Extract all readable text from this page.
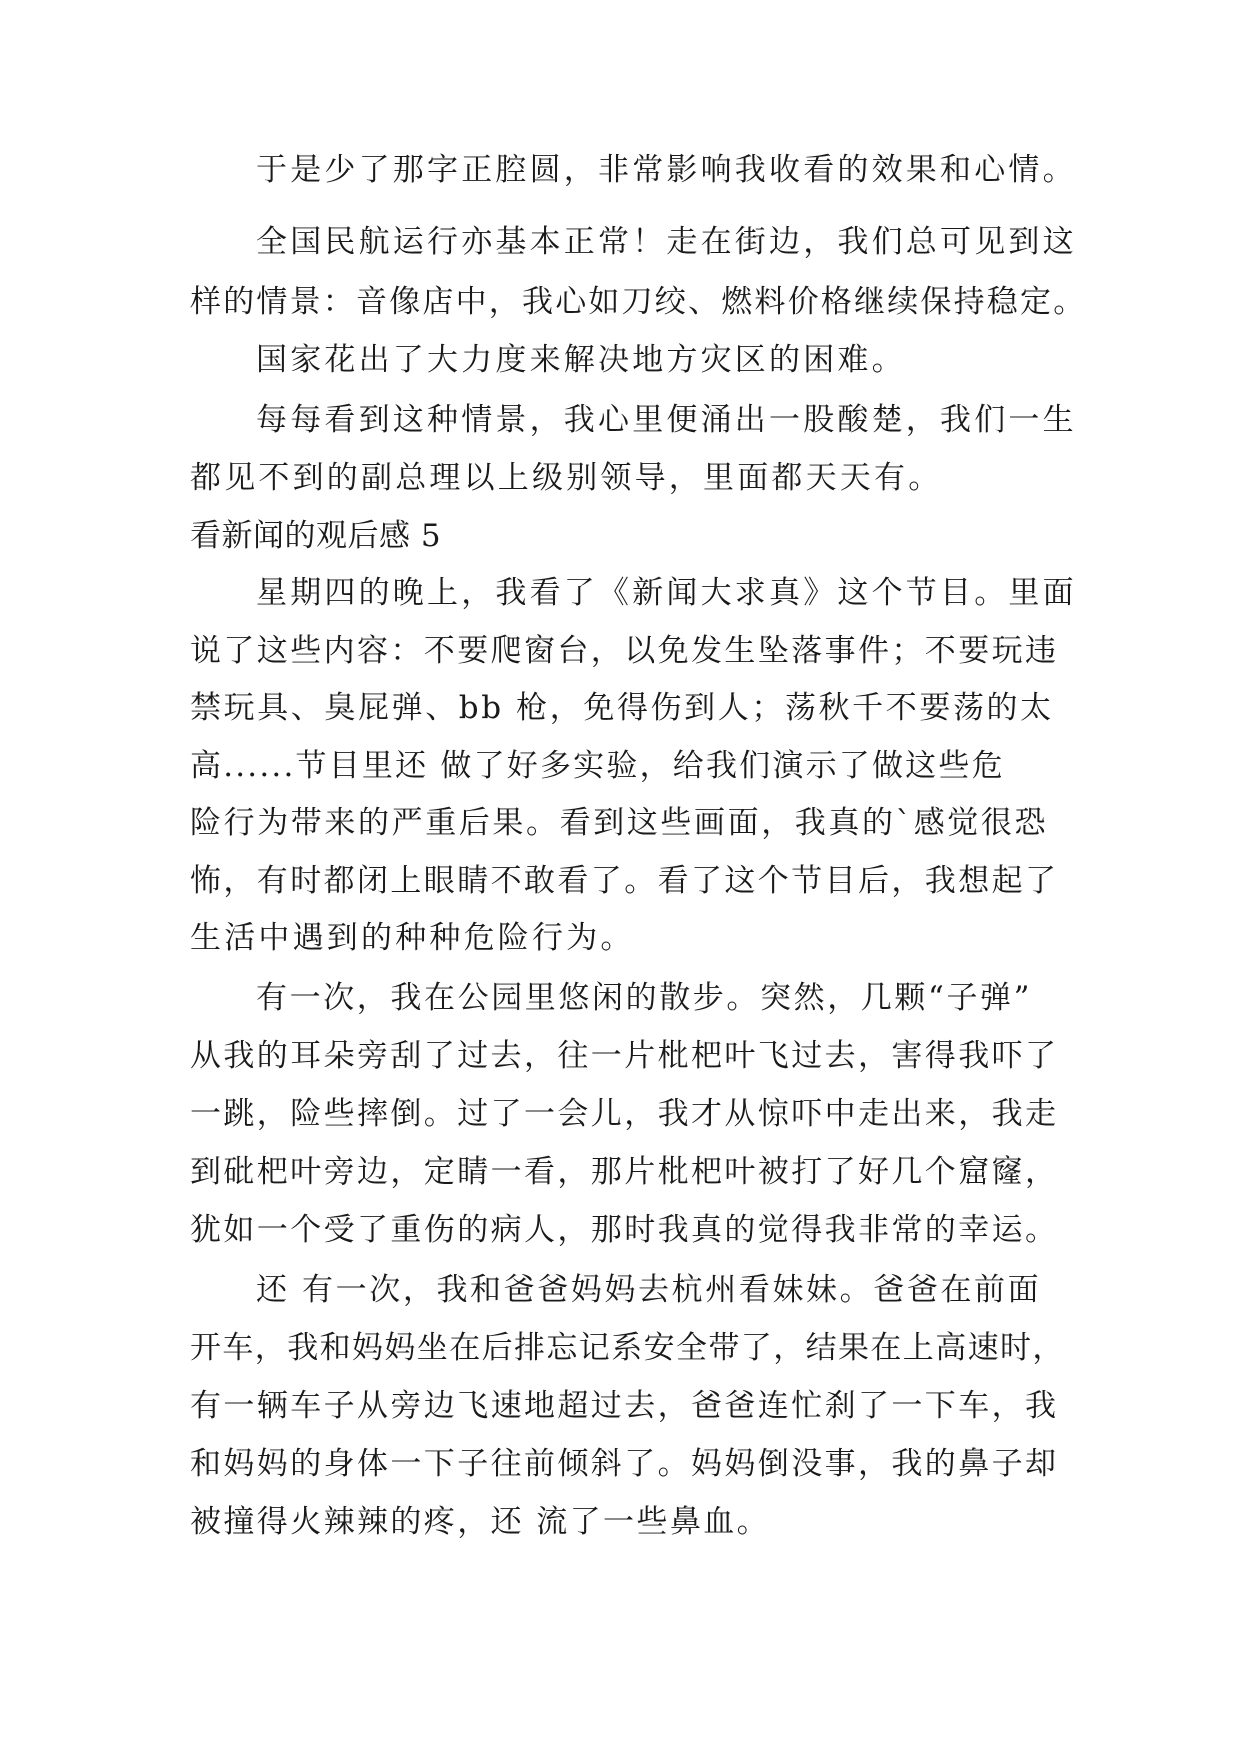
于是少了那字正腔圆，非常影响我收看的效果和心情。
全国民航运行亦基本正常！走在街边，我们总可见到这
样的情景：音像店中，我心如刀绞、燃料价格继续保持稳定。
国家花出了大力度来解决地方灾区的困难。
每每看到这种情景，我心里便涌出一股酸楚，我们一生
都见不到的副总理以上级别领导，里面都天天有。
看新闻的观后感 5
星期四的晚上，我看了《新闻大求真》这个节目。里面
说了这些内容：不要爬窗台，以免发生坠落事件；不要玩违
禁玩具、臭屁弹、bb 枪，免得伤到人；荡秋千不要荡的太
高......节目里还 做了好多实验，给我们演示了做这些危
险行为带来的严重后果。看到这些画面，我真的`感觉很恐
怖，有时都闭上眼睛不敢看了。看了这个节目后，我想起了
生活中遇到的种种危险行为。
有一次，我在公园里悠闲的散步。突然，几颗“子弹”
从我的耳朵旁刮了过去，往一片枇杷叶飞过去，害得我吓了
一跳，险些摔倒。过了一会儿，我才从惊吓中走出来，我走
到砒杷叶旁边，定睛一看，那片枇杷叶被打了好几个窟窿，
犹如一个受了重伤的病人，那时我真的觉得我非常的幸运。
还 有一次，我和爸爸妈妈去杭州看妹妹。爸爸在前面
开车，我和妈妈坐在后排忘记系安全带了，结果在上高速时，
有一辆车子从旁边飞速地超过去，爸爸连忙刹了一下车，我
和妈妈的身体一下子往前倾斜了。妈妈倒没事，我的鼻子却
被撞得火辣辣的疼，还 流了一些鼻血。
